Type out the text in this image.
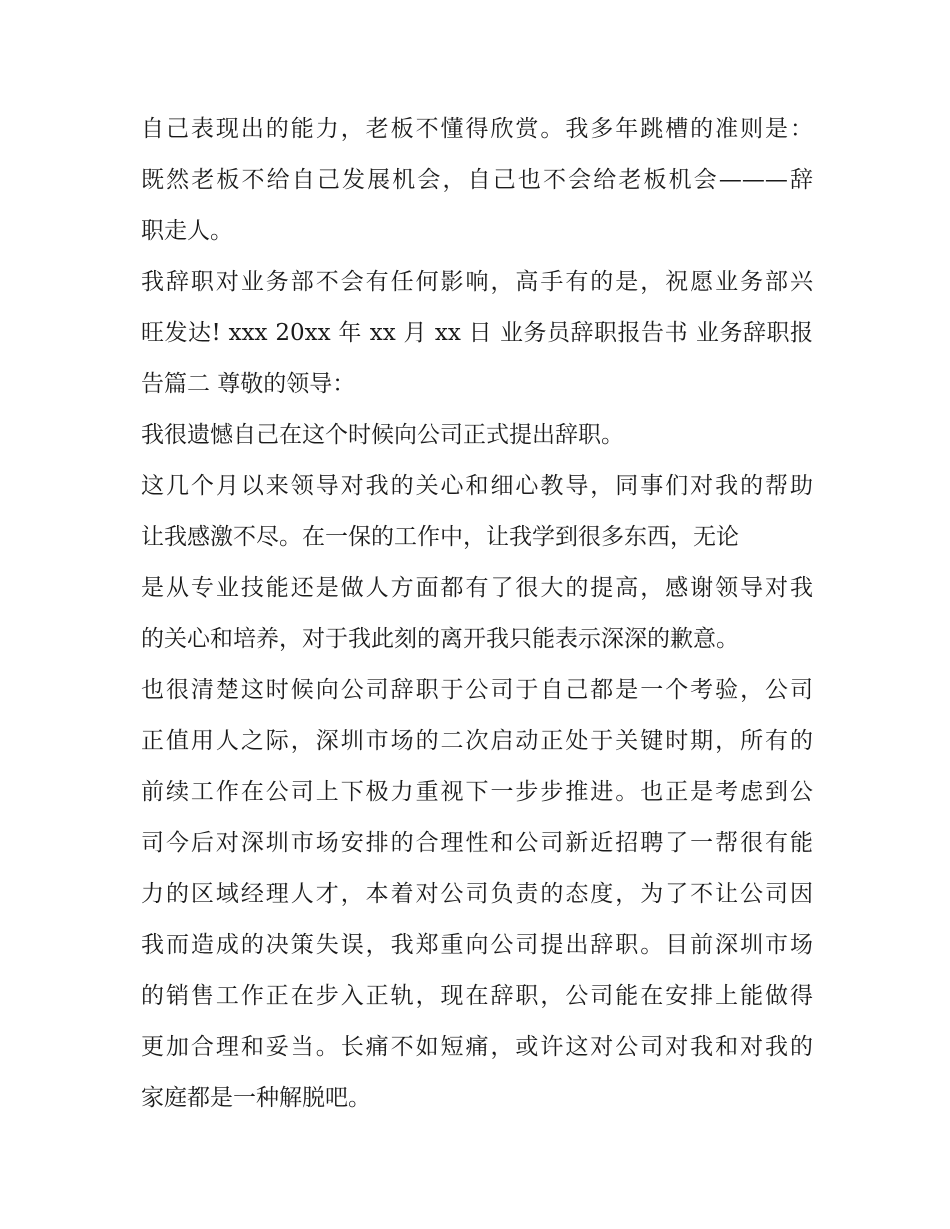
自己表现出的能力，老板不懂得欣赏。我多年跳槽的准则是：
既然老板不给自己发展机会，自己也不会给老板机会———辞
职走人。
我辞职对业务部不会有任何影响，高手有的是，祝愿业务部兴
旺发达! xxx 20xx 年 xx 月 xx 日 业务员辞职报告书 业务辞职报
告篇二 尊敬的领导：
我很遗憾自己在这个时候向公司正式提出辞职。
这几个月以来领导对我的关心和细心教导，同事们对我的帮助
让我感激不尽。在一保的工作中，让我学到很多东西，无论
是从专业技能还是做人方面都有了很大的提高，感谢领导对我
的关心和培养，对于我此刻的离开我只能表示深深的歉意。
也很清楚这时候向公司辞职于公司于自己都是一个考验，公司
正值用人之际，深圳市场的二次启动正处于关键时期，所有的
前续工作在公司上下极力重视下一步步推进。也正是考虑到公
司今后对深圳市场安排的合理性和公司新近招聘了一帮很有能
力的区域经理人才，本着对公司负责的态度，为了不让公司因
我而造成的决策失误，我郑重向公司提出辞职。目前深圳市场
的销售工作正在步入正轨，现在辞职，公司能在安排上能做得
更加合理和妥当。长痛不如短痛，或许这对公司对我和对我的
家庭都是一种解脱吧。
